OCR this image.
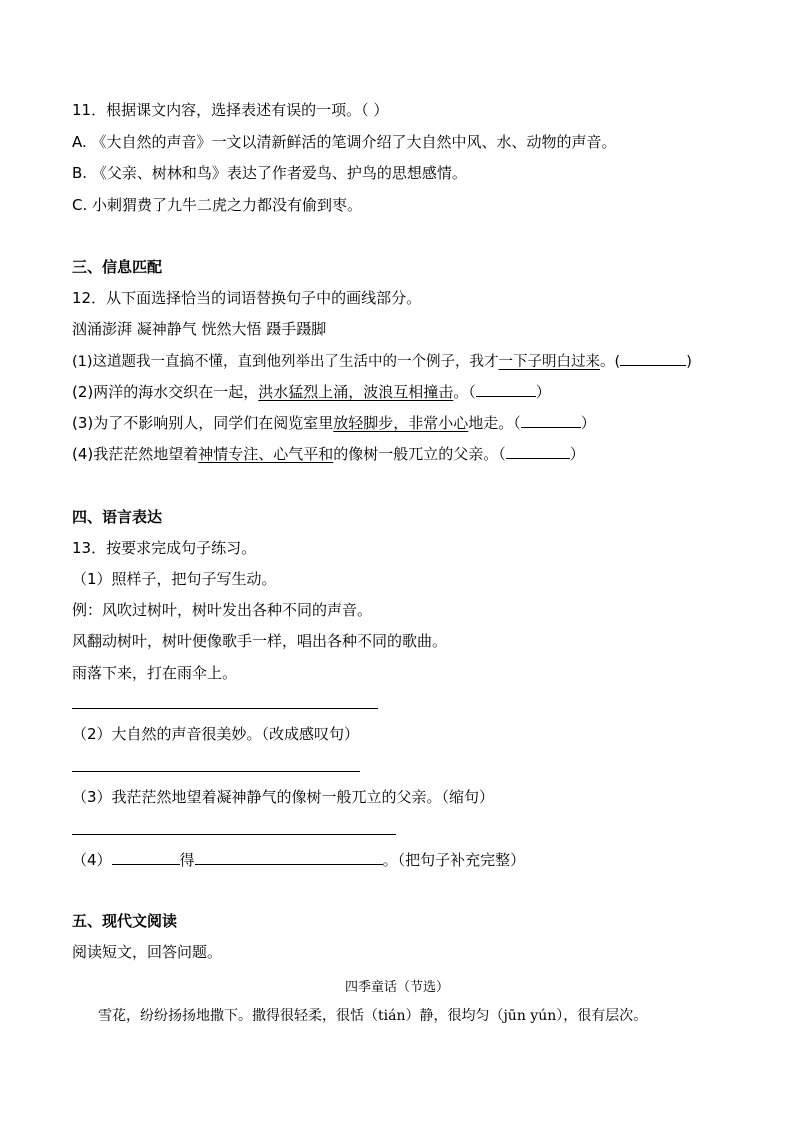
11．根据课文内容，选择表述有误的一项。（ ）
A. 《大自然的声音》一文以清新鲜活的笔调介绍了大自然中风、水、动物的声音。
B. 《父亲、树林和鸟》表达了作者爱鸟、护鸟的思想感情。
C. 小刺猬费了九牛二虎之力都没有偷到枣。
三、信息匹配
12．从下面选择恰当的词语替换句子中的画线部分。
汹涌澎湃 凝神静气 恍然大悟 蹑手蹑脚
(1)这道题我一直搞不懂，直到他列举出了生活中的一个例子，我才一下子明白过来。(	)
(2)两洋的海水交织在一起，洪水猛烈上涌，波浪互相撞击。（	）
(3)为了不影响别人，同学们在阅览室里放轻脚步，非常小心地走。（	）
(4)我茫茫然地望着神情专注、心气平和的像树一般兀立的父亲。（	）
四、语言表达
13．按要求完成句子练习。
（1）照样子，把句子写生动。
例：风吹过树叶，树叶发出各种不同的声音。
风翻动树叶，树叶便像歌手一样，唱出各种不同的歌曲。
雨落下来，打在雨伞上。
（2）大自然的声音很美妙。（改成感叹句）
（3）我茫茫然地望着凝神静气的像树一般兀立的父亲。（缩句）
（4）	得	。（把句子补充完整）
五、现代文阅读
阅读短文，回答问题。
四季童话（节选）
雪花，纷纷扬扬地撒下。撒得很轻柔，很恬（tián）静，很均匀（jūn yún），很有层次。
